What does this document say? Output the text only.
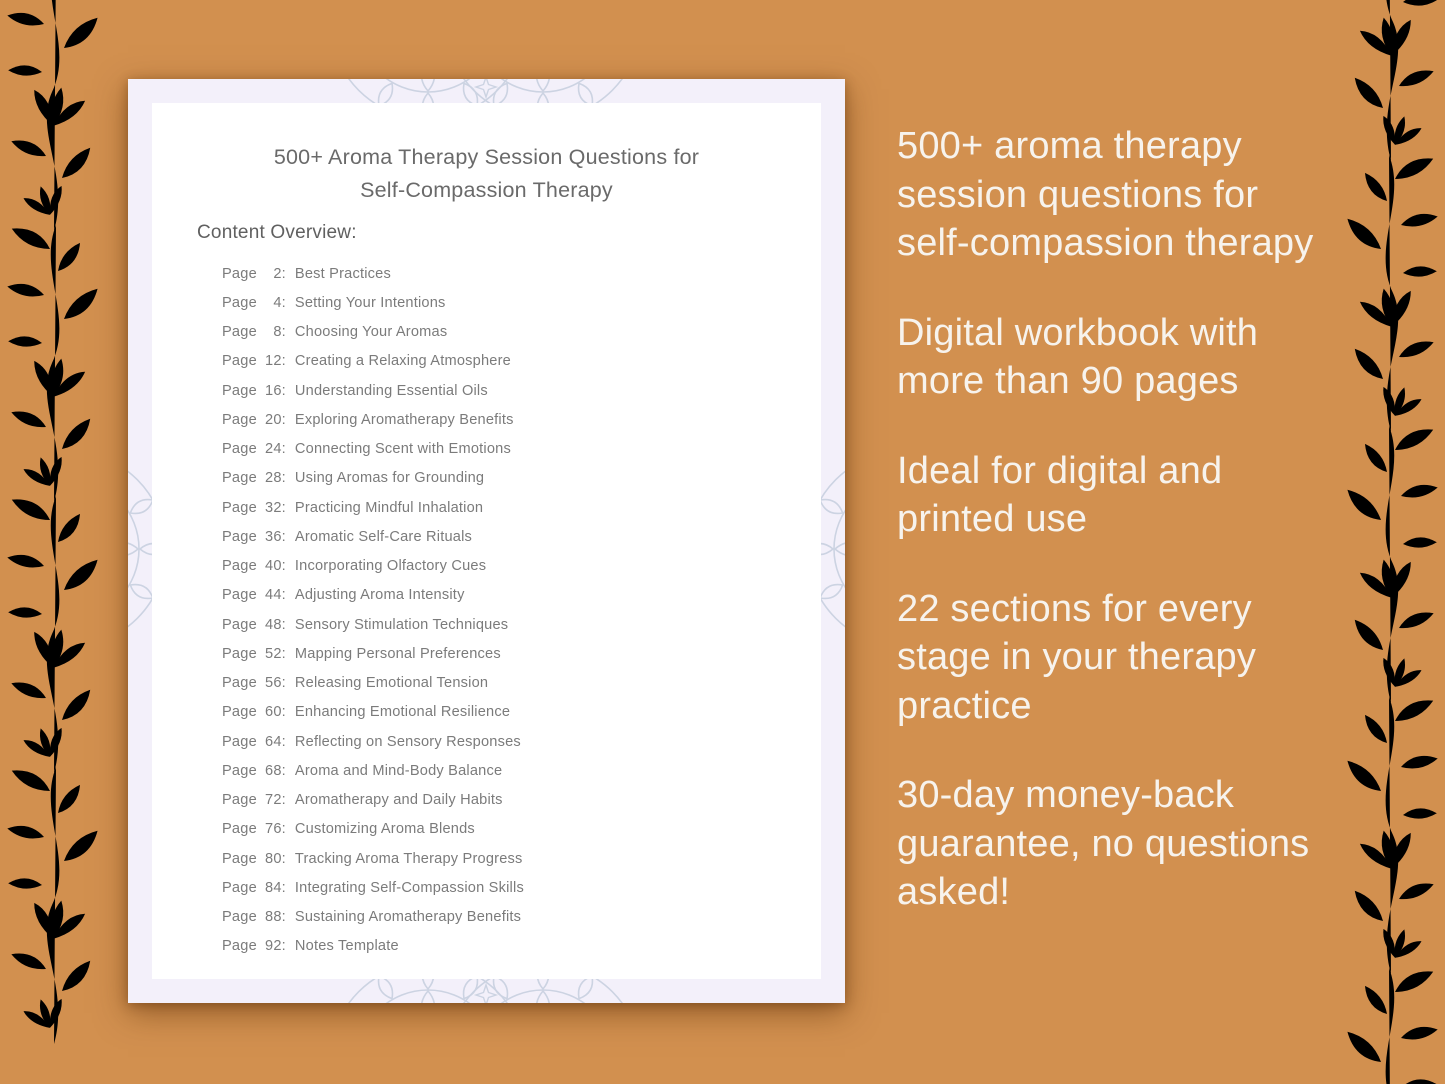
500+ Aroma Therapy Session Questions for
Self-Compassion Therapy
Content Overview:
Page	2: Best Practices
Page	4: Setting Your Intentions
Page	8: Choosing Your Aromas
Page 12: Creating a Relaxing Atmosphere
Page 16: Understanding Essential Oils
Page 20: Exploring Aromatherapy Benefits
Page 24: Connecting Scent with Emotions
Page 28: Using Aromas for Grounding
Page 32: Practicing Mindful Inhalation
Page 36: Aromatic Self-Care Rituals
Page 40: Incorporating Olfactory Cues
Page 44: Adjusting Aroma Intensity
Page 48: Sensory Stimulation Techniques
Page 52: Mapping Personal Preferences
Page 56: Releasing Emotional Tension
Page 60: Enhancing Emotional Resilience
Page 64: Reflecting on Sensory Responses
Page 68: Aroma and Mind-Body Balance
Page 72: Aromatherapy and Daily Habits
Page 76: Customizing Aroma Blends
Page 80: Tracking Aroma Therapy Progress
Page 84: Integrating Self-Compassion Skills
Page 88: Sustaining Aromatherapy Benefits
Page 92: Notes Template

500+ aroma therapy session questions for self-compassion therapy

Digital workbook with more than 90 pages

Ideal for digital and printed use

22 sections for every stage in your therapy practice

30-day money-back guarantee, no questions asked!
